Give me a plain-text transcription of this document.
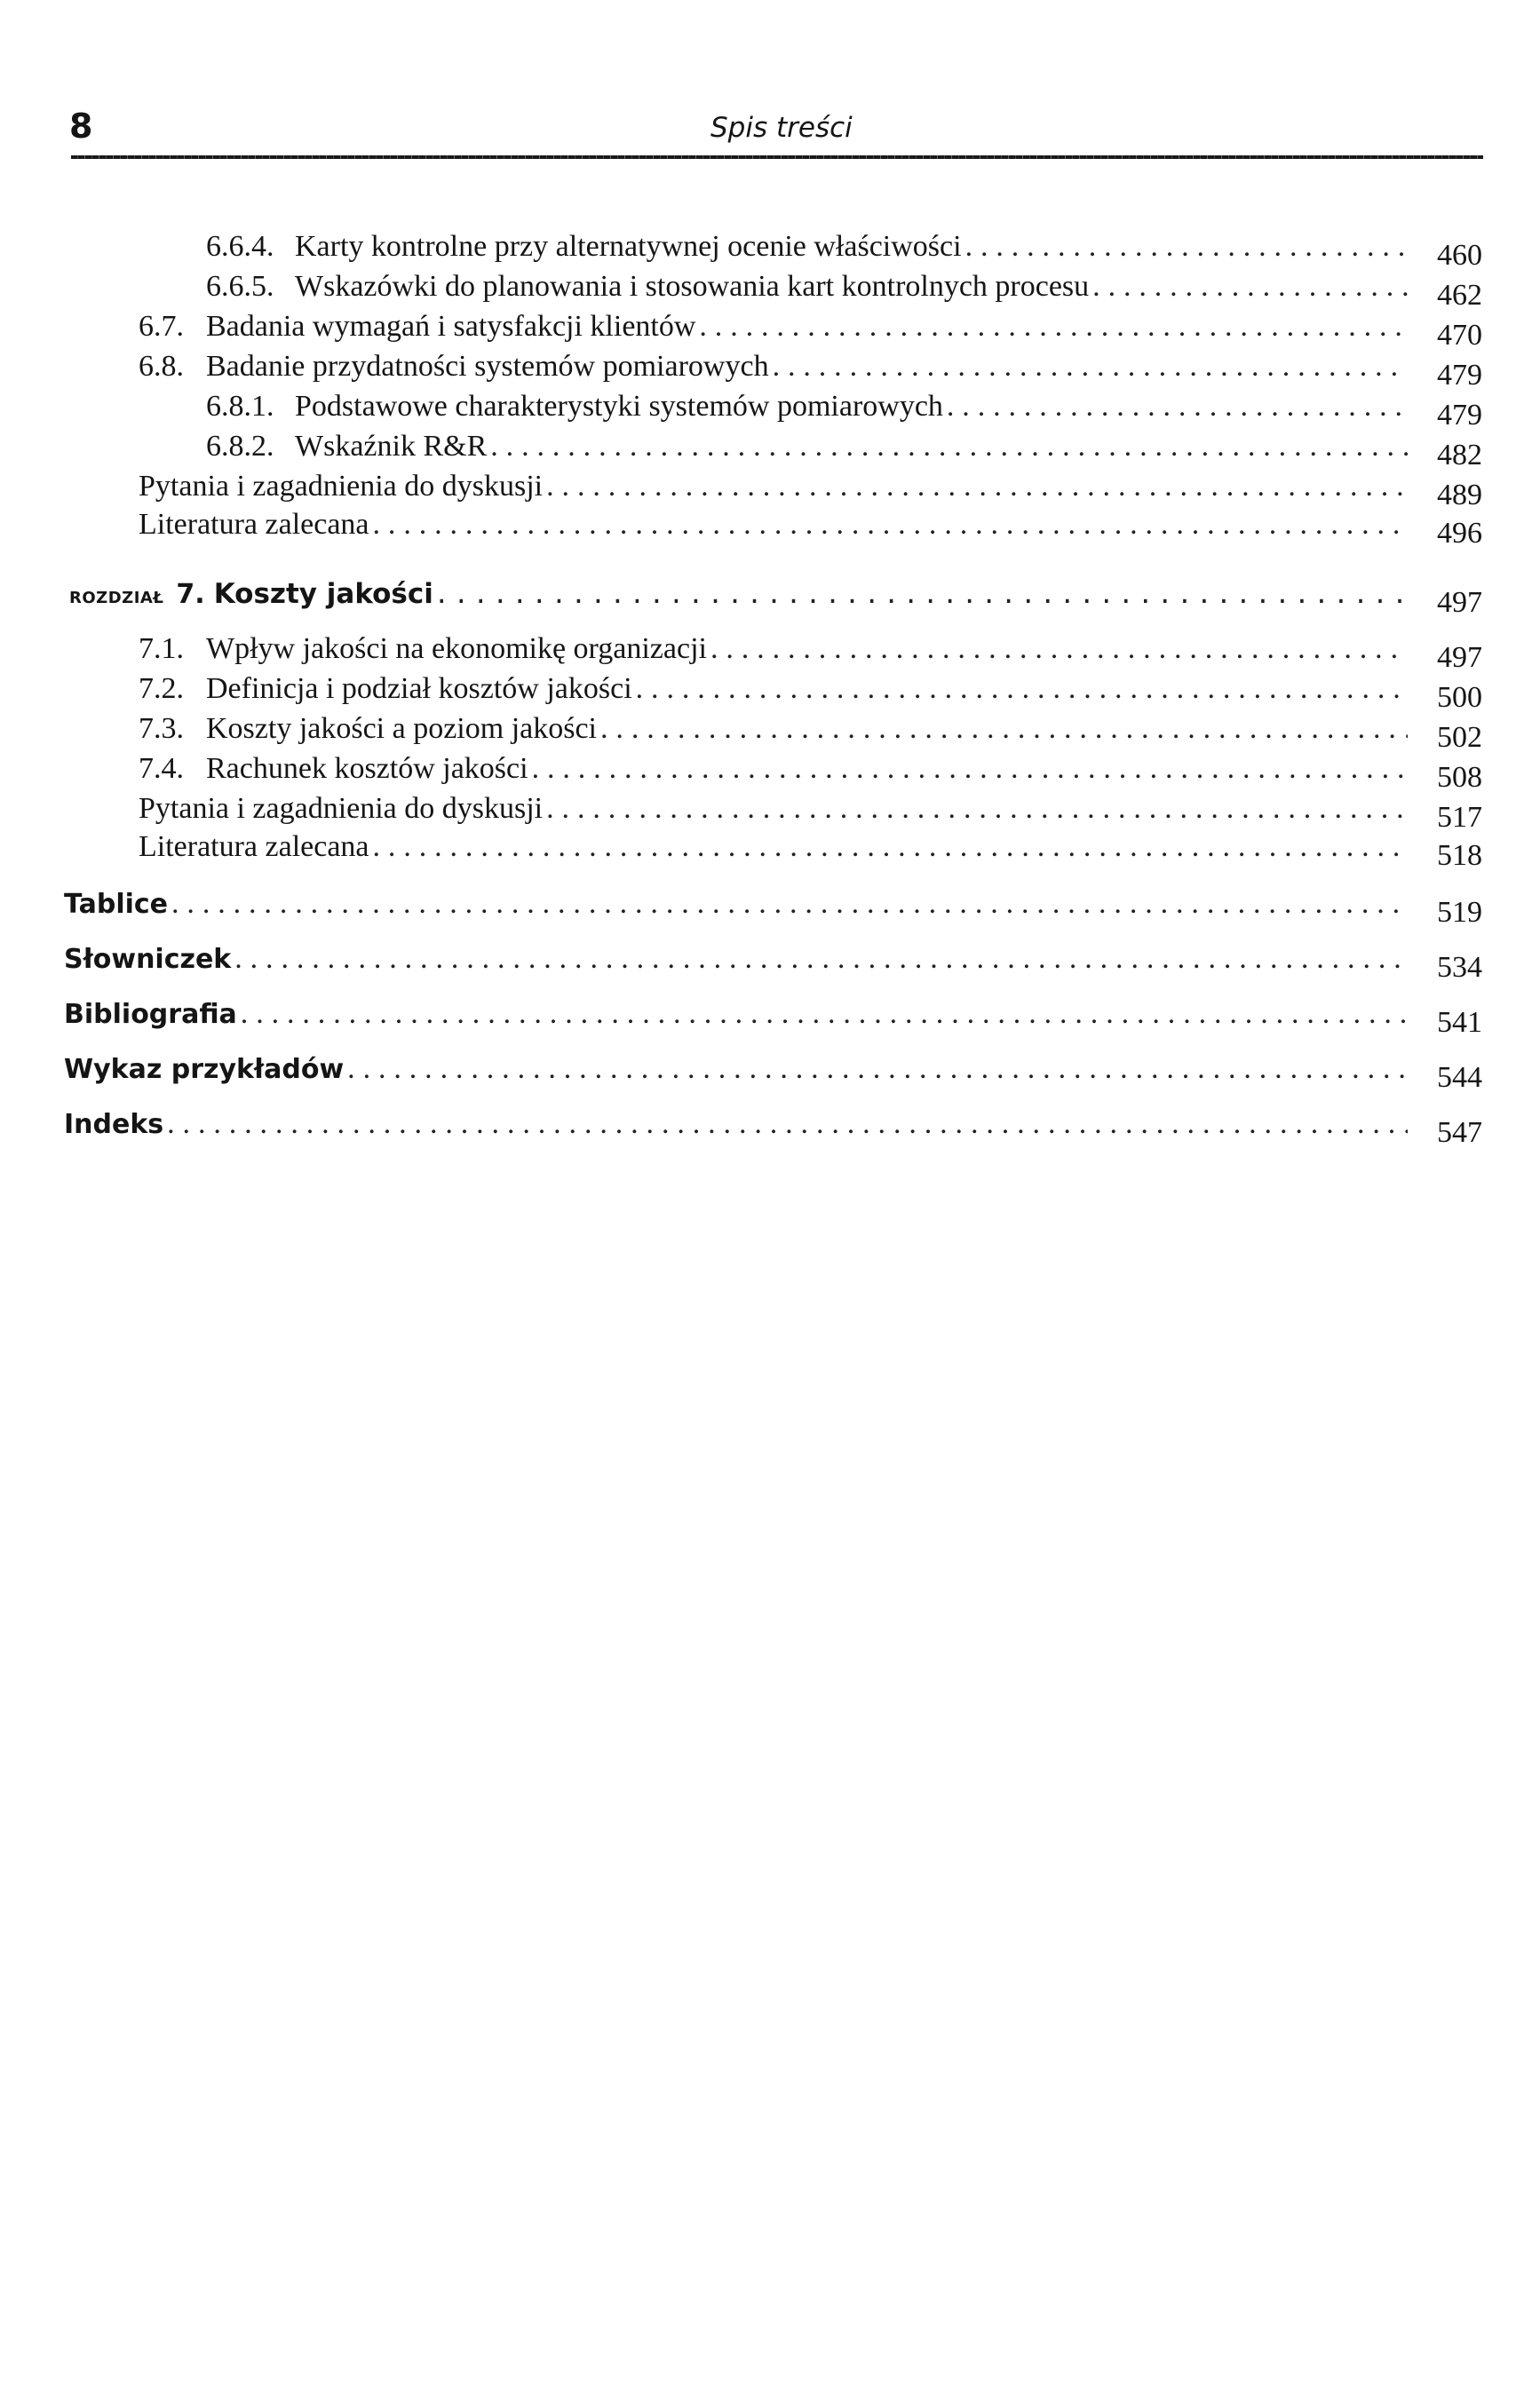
8	Spis treści
6.6.4. Karty kontrolne przy alternatywnej ocenie właściwości . . .	460
6.6.5. Wskazówki do planowania i stosowania kart kontrolnych procesu . . .	462
6.7. Badania wymagań i satysfakcji klientów . . .	470
6.8. Badanie przydatności systemów pomiarowych . . .	479
6.8.1. Podstawowe charakterystyki systemów pomiarowych . . .	479
6.8.2. Wskaźnik R&R . . .	482
Pytania i zagadnienia do dyskusji . . .	489
Literatura zalecana . . .	496
ROZDZIAŁ 7. Koszty jakości . . .	497
7.1. Wpływ jakości na ekonomikę organizacji . . .	497
7.2. Definicja i podział kosztów jakości . . .	500
7.3. Koszty jakości a poziom jakości . . .	502
7.4. Rachunek kosztów jakości . . .	508
Pytania i zagadnienia do dyskusji . . .	517
Literatura zalecana . . .	518
Tablice . . .	519
Słowniczek . . .	534
Bibliografia . . .	541
Wykaz przykładów . . .	544
Indeks . . .	547
